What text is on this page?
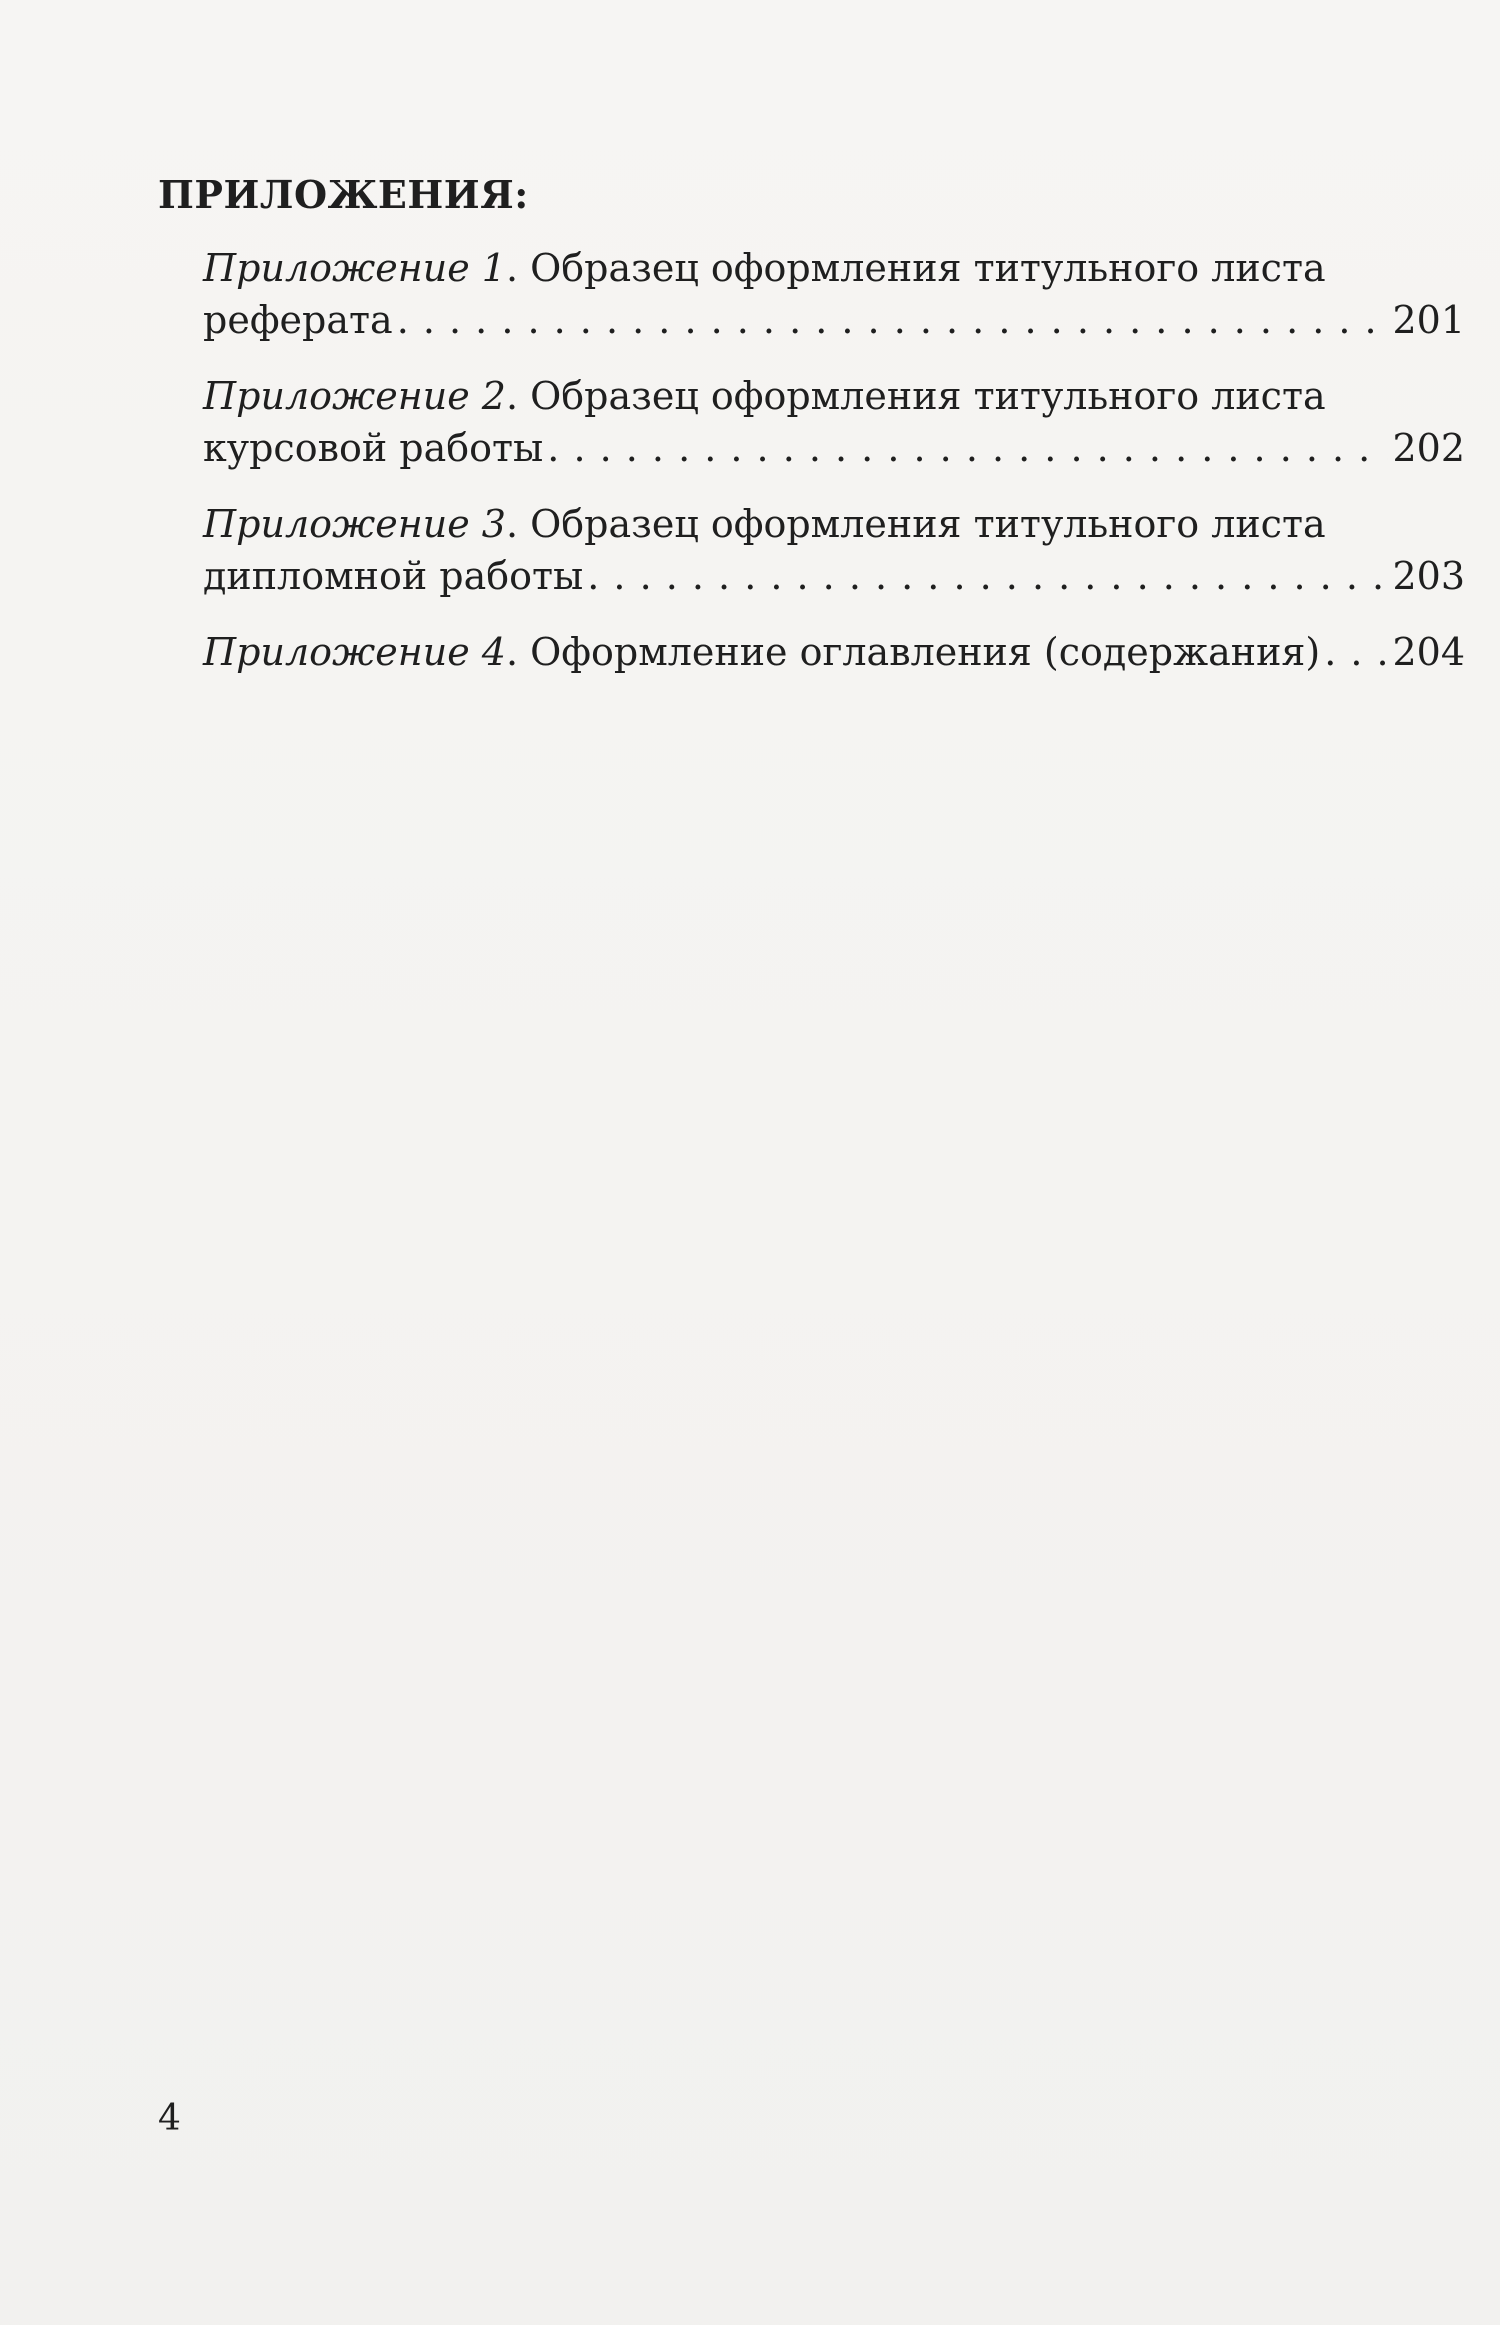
ПРИЛОЖЕНИЯ:
Приложение 1. Образец оформления титульного листа
реферата . . .	201
Приложение 2. Образец оформления титульного листа
курсовой работы . . .	202
Приложение 3. Образец оформления титульного листа
дипломной работы . . .	203
Приложение 4. Оформление оглавления (содержания) . . . 204

4
